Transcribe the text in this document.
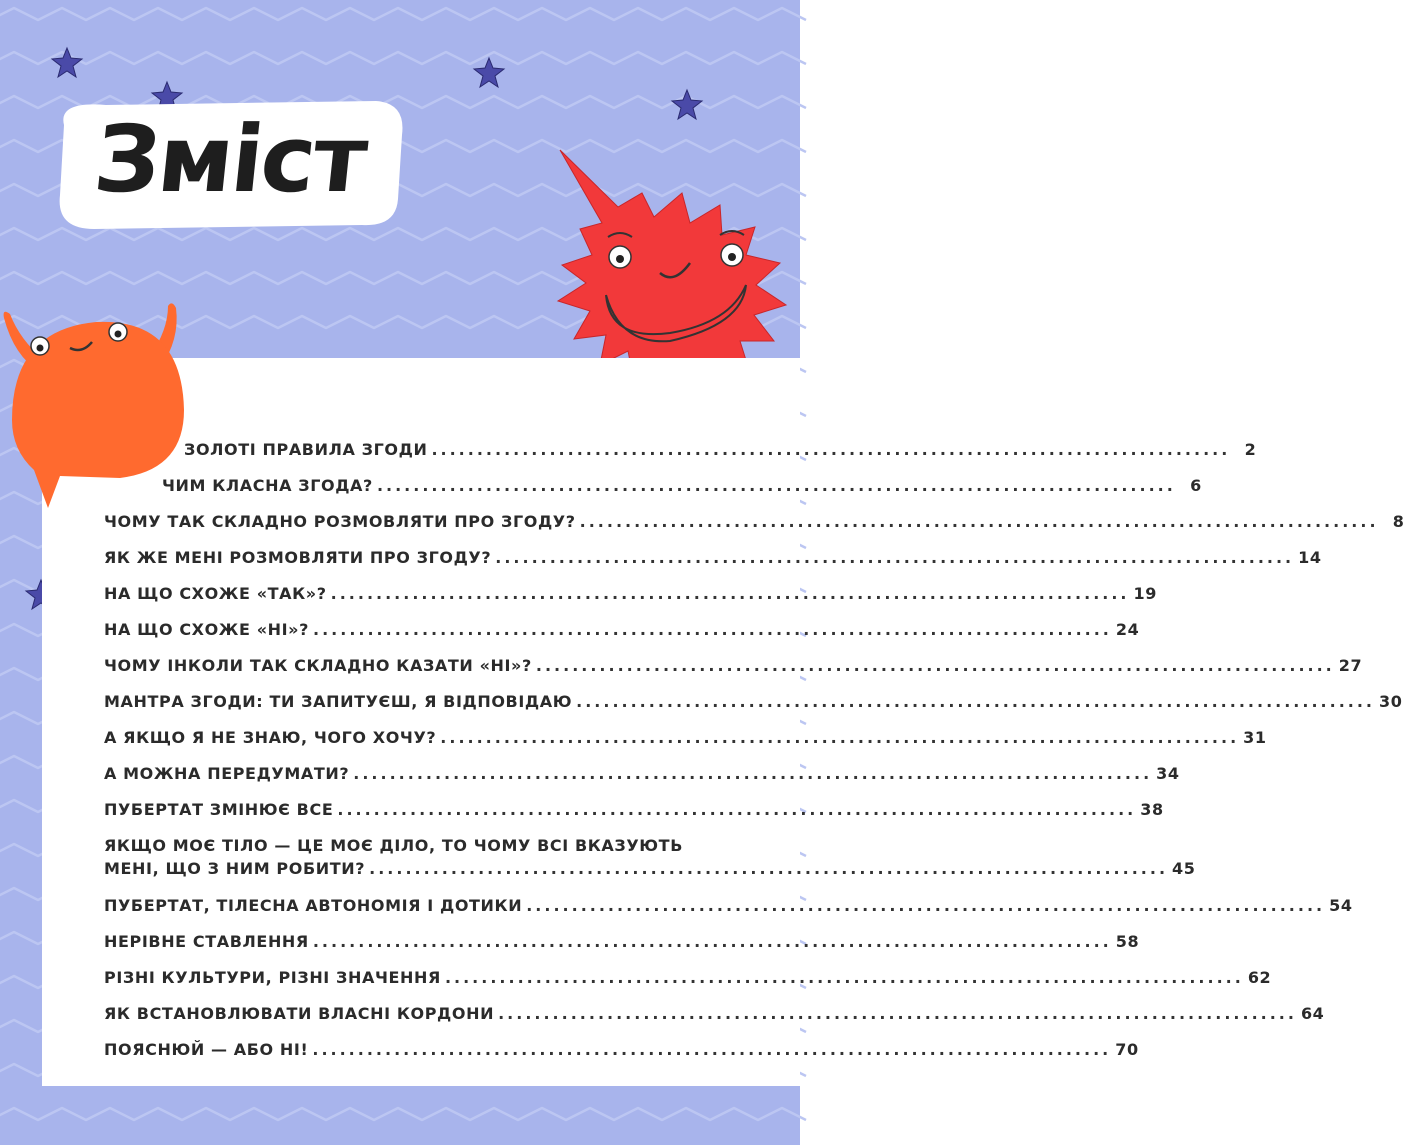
Зміст
ЗОЛОТІ ПРАВИЛА ЗГОДИ ........................................................................................ 2
ЧИМ КЛАСНА ЗГОДА? ........................................................................................ 6
ЧОМУ ТАК СКЛАДНО РОЗМОВЛЯТИ ПРО ЗГОДУ? ........................................................................................ 8
ЯК ЖЕ МЕНІ РОЗМОВЛЯТИ ПРО ЗГОДУ? ........................................................................................ 14
НА ЩО СХОЖЕ «ТАК»? ........................................................................................ 19
НА ЩО СХОЖЕ «НІ»? ........................................................................................ 24
ЧОМУ ІНКОЛИ ТАК СКЛАДНО КАЗАТИ «НІ»? ........................................................................................ 27
МАНТРА ЗГОДИ: ТИ ЗАПИТУЄШ, Я ВІДПОВІДАЮ ........................................................................................ 30
А ЯКЩО Я НЕ ЗНАЮ, ЧОГО ХОЧУ? ........................................................................................ 31
А МОЖНА ПЕРЕДУМАТИ? ........................................................................................ 34
ПУБЕРТАТ ЗМІНЮЄ ВСЕ ........................................................................................ 38
ЯКЩО МОЄ ТІЛО — ЦЕ МОЄ ДІЛО, ТО ЧОМУ ВСІ ВКАЗУЮТЬ
МЕНІ, ЩО З НИМ РОБИТИ? ........................................................................................ 45
ПУБЕРТАТ, ТІЛЕСНА АВТОНОМІЯ І ДОТИКИ ........................................................................................ 54
НЕРІВНЕ СТАВЛЕННЯ ........................................................................................ 58
РІЗНІ КУЛЬТУРИ, РІЗНІ ЗНАЧЕННЯ ........................................................................................ 62
ЯК ВСТАНОВЛЮВАТИ ВЛАСНІ КОРДОНИ ........................................................................................ 64
ПОЯСНЮЙ — АБО НІ! ........................................................................................ 70
